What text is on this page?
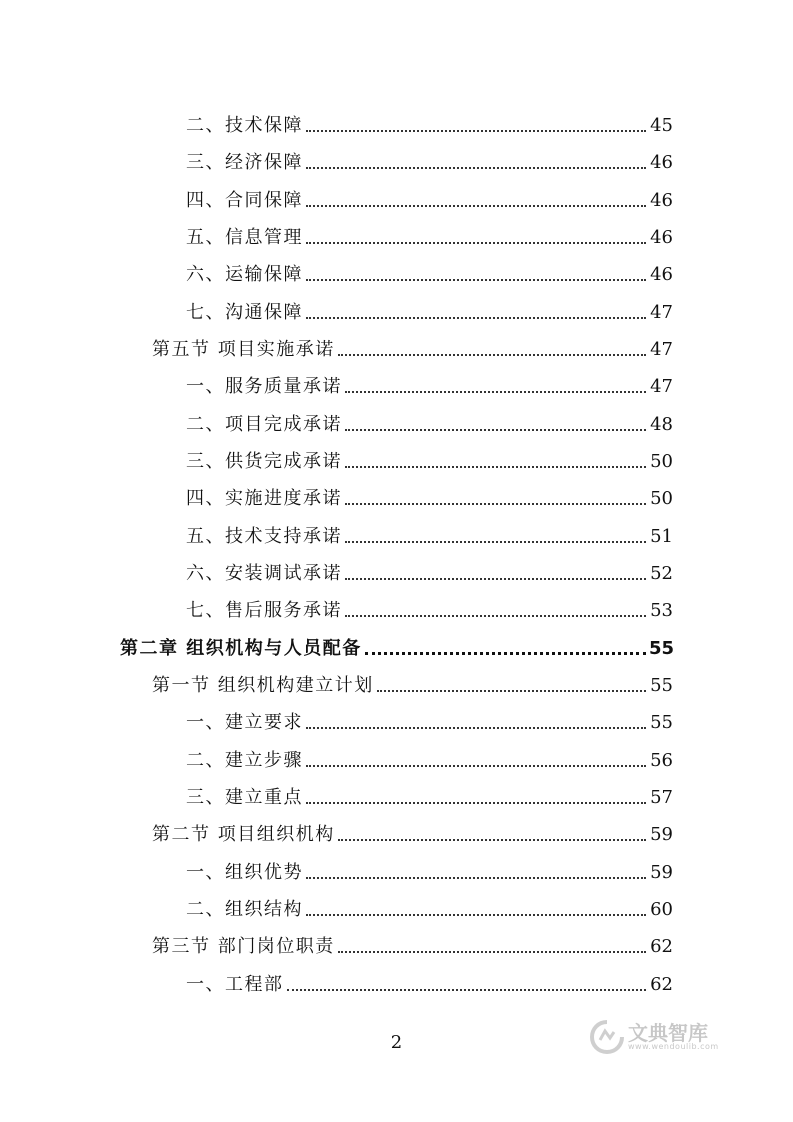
二、技术保障	45
三、经济保障	46
四、合同保障	46
五、信息管理	46
六、运输保障	46
七、沟通保障	47
第五节 项目实施承诺	47
一、服务质量承诺	47
二、项目完成承诺	48
三、供货完成承诺	50
四、实施进度承诺	50
五、技术支持承诺	51
六、安装调试承诺	52
七、售后服务承诺	53
第二章 组织机构与人员配备	55
第一节 组织机构建立计划	55
一、建立要求	55
二、建立步骤	56
三、建立重点	57
第二节 项目组织机构	59
一、组织优势	59
二、组织结构	60
第三节 部门岗位职责	62
一、工程部	62
2	文典智库
www.wendoulib.com
